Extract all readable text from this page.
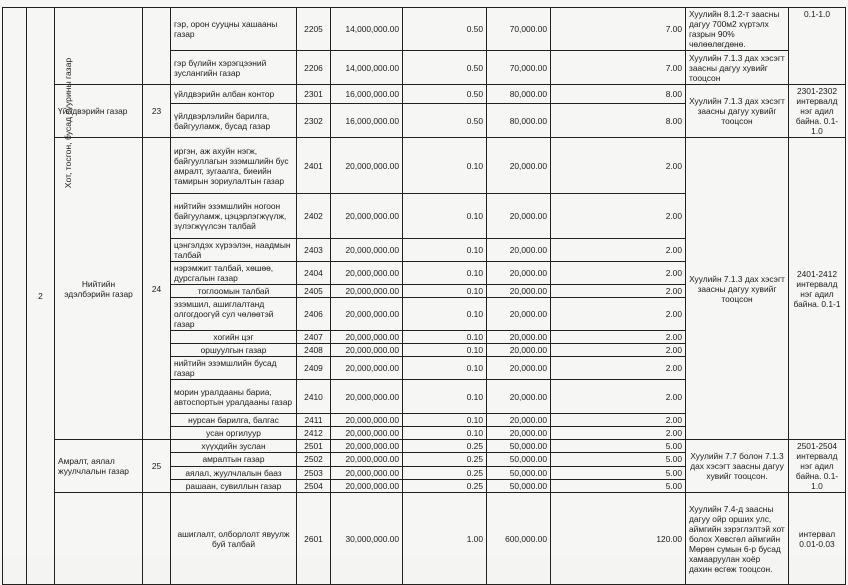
Хот, тосгон, бусад суурины газар	2			гэр, орон сууцны хашааны газар	2205	14,000,000.00	0.50	70,000.00	7.00	Хуулийн 8.1.2-т заасны дагуу 700м2 хүртэлх газрын 90% чөлөөлөгдөнө.	0.1-1.0
				гэр бүлийн хэрэгцээний зуслангийн газар	2206	14,000,000.00	0.50	70,000.00	7.00	Хуулийн 7.1.3 дах хэсэгт заасны дагуу хувийг тооцсон	
		Үйлдвэрийн газар	23	үйлдвэрийн албан контор	2301	16,000,000.00	0.50	80,000.00	8.00	Хуулийн 7.1.3 дах хэсэгт заасны дагуу хувийг тооцсон	2301-2302 интервалд нэг адил байна. 0.1-1.0
				үйлдвэрлэлийн барилга, байгууламж, бусад газар	2302	16,000,000.00	0.50	80,000.00	8.00		
		Нийтийн эдэлбэрийн газар	24	иргэн, аж ахуйн нэгж, байгууллагын эзэмшлийн бус амралт, зугаалга, биеийн тамирын зориулалтын газар	2401	20,000,000.00	0.10	20,000.00	2.00	Хуулийн 7.1.3 дах хэсэгт заасны дагуу хувийг тооцсон	2401-2412 интервалд нэг адил байна. 0.1-1
				нийтийн эзэмшлийн ногоон байгууламж, цэцэрлэгжүүлж, зүлэгжүүлсэн талбай	2402	20,000,000.00	0.10	20,000.00	2.00		
				цэнгэлдэх хүрээлэн, наадмын талбай	2403	20,000,000.00	0.10	20,000.00	2.00		
				нэрэмжит талбай, хөшөө, дурсгалын газар	2404	20,000,000.00	0.10	20,000.00	2.00		
				тоглоомын талбай	2405	20,000,000.00	0.10	20,000.00	2.00		
				эзэмшил, ашиглалтанд олгогдоогүй сул чөлөөтэй газар	2406	20,000,000.00	0.10	20,000.00	2.00		
				хогийн цэг	2407	20,000,000.00	0.10	20,000.00	2.00		
				оршуулгын газар	2408	20,000,000.00	0.10	20,000.00	2.00		
				нийтийн эзэмшлийн бусад газар	2409	20,000,000.00	0.10	20,000.00	2.00		
				морин уралдааны бариа, автоспортын уралдааны газар	2410	20,000,000.00	0.10	20,000.00	2.00		
				нурсан барилга, балгас	2411	20,000,000.00	0.10	20,000.00	2.00		
				усан оргилуур	2412	20,000,000.00	0.10	20,000.00	2.00		
		Амралт, аялал жуулчлалын газар	25	хүүхдийн зуслан	2501	20,000,000.00	0.25	50,000.00	5.00	Хуулийн 7.7 болон 7.1.3 дах хэсэгт заасны дагуу хувийг тооцсон.	2501-2504 интервалд нэг адил байна. 0.1-1.0
				амралтын газар	2502	20,000,000.00	0.25	50,000.00	5.00		
				аялал, жуулчлалын бааз	2503	20,000,000.00	0.25	50,000.00	5.00		
				рашаан, сувиллын газар	2504	20,000,000.00	0.25	50,000.00	5.00		
				ашиглалт, олборлолт явуулж буй талбай	2601	30,000,000.00	1.00	600,000.00	120.00	Хуулийн 7.4-д заасны дагуу ойр орших улс, аймгийн зэрэглэлтэй хот болох Хөвсгөл аймгийн Мөрөн сумын 6-р бусад хамааруулан хоёр дахин өсгөж тооцсон.	интервал 0.01-0.03
